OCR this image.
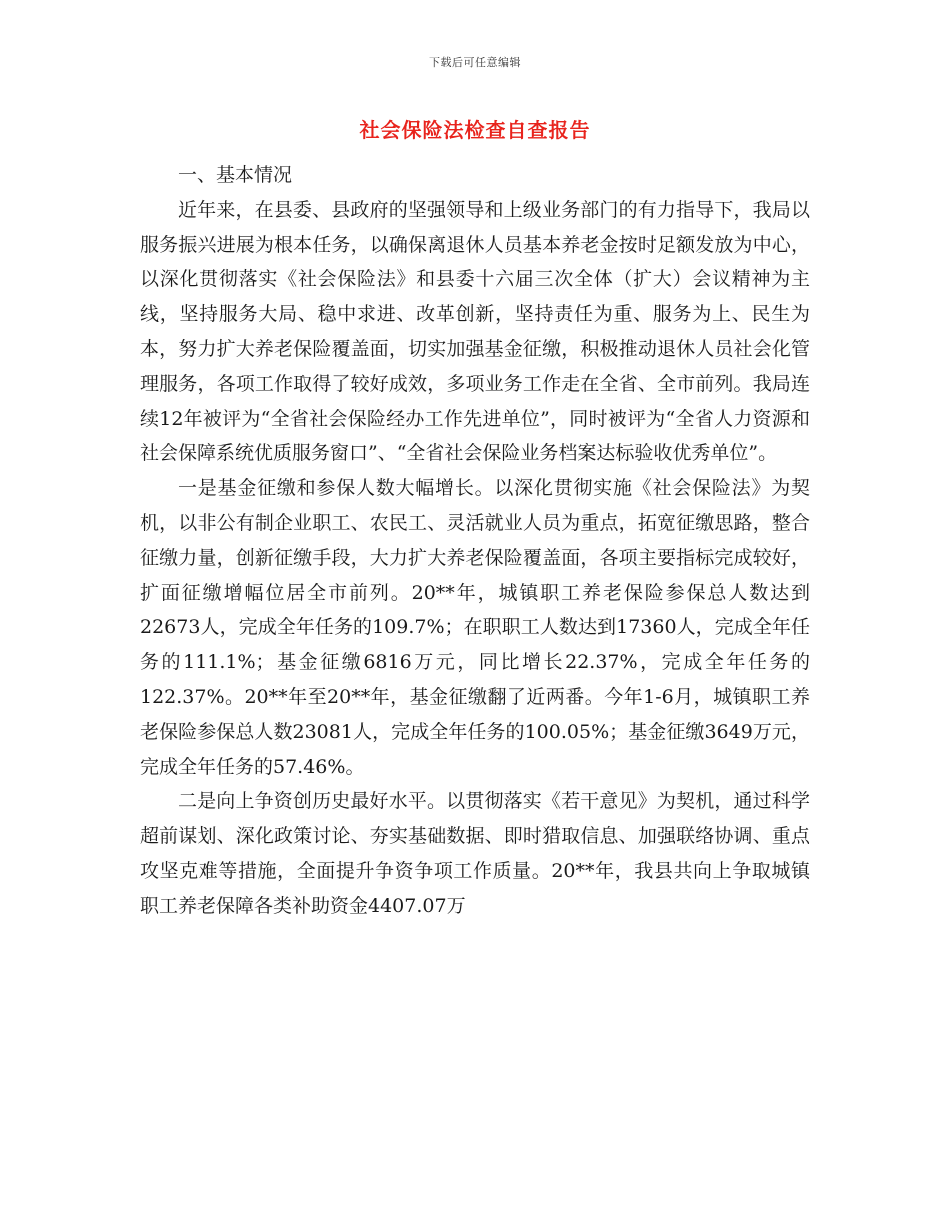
下载后可任意编辑
社会保险法检查自查报告

一、基本情况

近年来，在县委、县政府的坚强领导和上级业务部门的有力指导下，我局以服务振兴进展为根本任务，以确保离退休人员基本养老金按时足额发放为中心，以深化贯彻落实《社会保险法》和县委十六届三次全体（扩大）会议精神为主线，坚持服务大局、稳中求进、改革创新，坚持责任为重、服务为上、民生为本，努力扩大养老保险覆盖面，切实加强基金征缴，积极推动退休人员社会化管理服务，各项工作取得了较好成效，多项业务工作走在全省、全市前列。我局连续12年被评为“全省社会保险经办工作先进单位”，同时被评为“全省人力资源和社会保障系统优质服务窗口”、“全省社会保险业务档案达标验收优秀单位”。

一是基金征缴和参保人数大幅增长。以深化贯彻实施《社会保险法》为契机，以非公有制企业职工、农民工、灵活就业人员为重点，拓宽征缴思路，整合征缴力量，创新征缴手段，大力扩大养老保险覆盖面，各项主要指标完成较好，扩面征缴增幅位居全市前列。20**年，城镇职工养老保险参保总人数达到22673人，完成全年任务的109.7%；在职职工人数达到17360人，完成全年任务的111.1%；基金征缴6816万元，同比增长22.37%，完成全年任务的122.37%。20**年至20**年，基金征缴翻了近两番。今年1-6月，城镇职工养老保险参保总人数23081人，完成全年任务的100.05%；基金征缴3649万元，完成全年任务的57.46%。

二是向上争资创历史最好水平。以贯彻落实《若干意见》为契机，通过科学超前谋划、深化政策讨论、夯实基础数据、即时猎取信息、加强联络协调、重点攻坚克难等措施，全面提升争资争项工作质量。20**年，我县共向上争取城镇职工养老保障各类补助资金4407.07万
